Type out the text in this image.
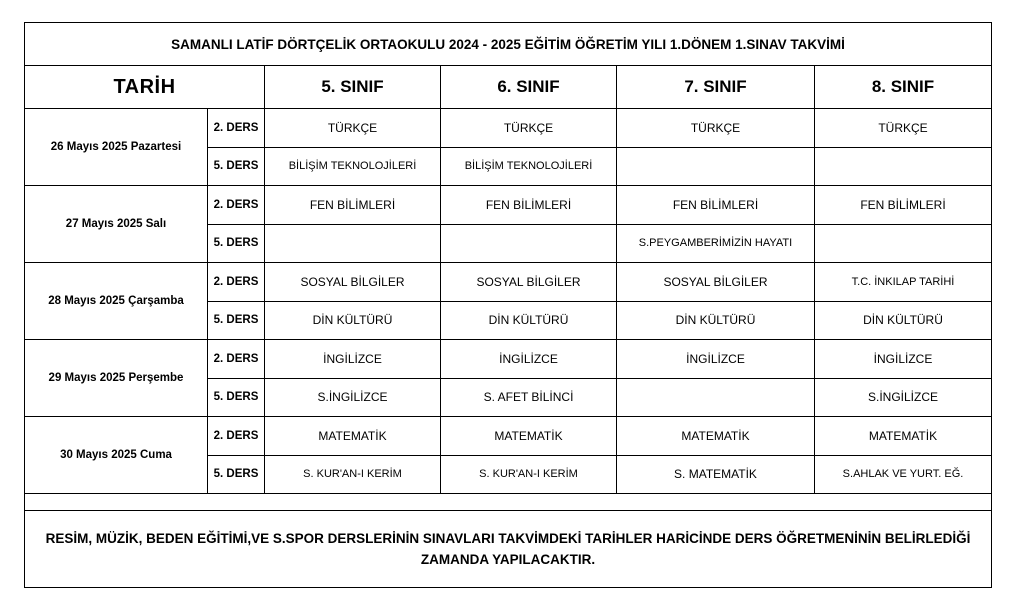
SAMANLI LATİF DÖRTÇELİK ORTAOKULU 2024 - 2025 EĞİTİM ÖĞRETİM YILI 1.DÖNEM 1.SINAV TAKVİMİ					
TARİH		5. SINIF	6. SINIF	7. SINIF	8. SINIF
26 Mayıs 2025 Pazartesi	2. DERS	TÜRKÇE	TÜRKÇE	TÜRKÇE	TÜRKÇE
	5. DERS	BİLİŞİM TEKNOLOJİLERİ	BİLİŞİM TEKNOLOJİLERİ		
27 Mayıs 2025 Salı	2. DERS	FEN BİLİMLERİ	FEN BİLİMLERİ	FEN BİLİMLERİ	FEN BİLİMLERİ
	5. DERS			S.PEYGAMBERİMİZİN HAYATI	
28 Mayıs 2025 Çarşamba	2. DERS	SOSYAL BİLGİLER	SOSYAL BİLGİLER	SOSYAL BİLGİLER	T.C. İNKILAP TARİHİ
	5. DERS	DİN KÜLTÜRÜ	DİN KÜLTÜRÜ	DİN KÜLTÜRÜ	DİN KÜLTÜRÜ
29 Mayıs 2025 Perşembe	2. DERS	İNGİLİZCE	İNGİLİZCE	İNGİLİZCE	İNGİLİZCE
	5. DERS	S.İNGİLİZCE	S. AFET BİLİNCİ		S.İNGİLİZCE
30 Mayıs 2025 Cuma	2. DERS	MATEMATİK	MATEMATİK	MATEMATİK	MATEMATİK
	5. DERS	S. KUR'AN-I KERİM	S. KUR'AN-I KERİM	S. MATEMATİK	S.AHLAK VE YURT. EĞ.

RESİM, MÜZİK, BEDEN EĞİTİMİ,VE S.SPOR DERSLERİNİN SINAVLARI TAKVİMDEKİ TARİHLER HARİCİNDE DERS ÖĞRETMENİNİN BELİRLEDİĞİ ZAMANDA YAPILACAKTIR.					
